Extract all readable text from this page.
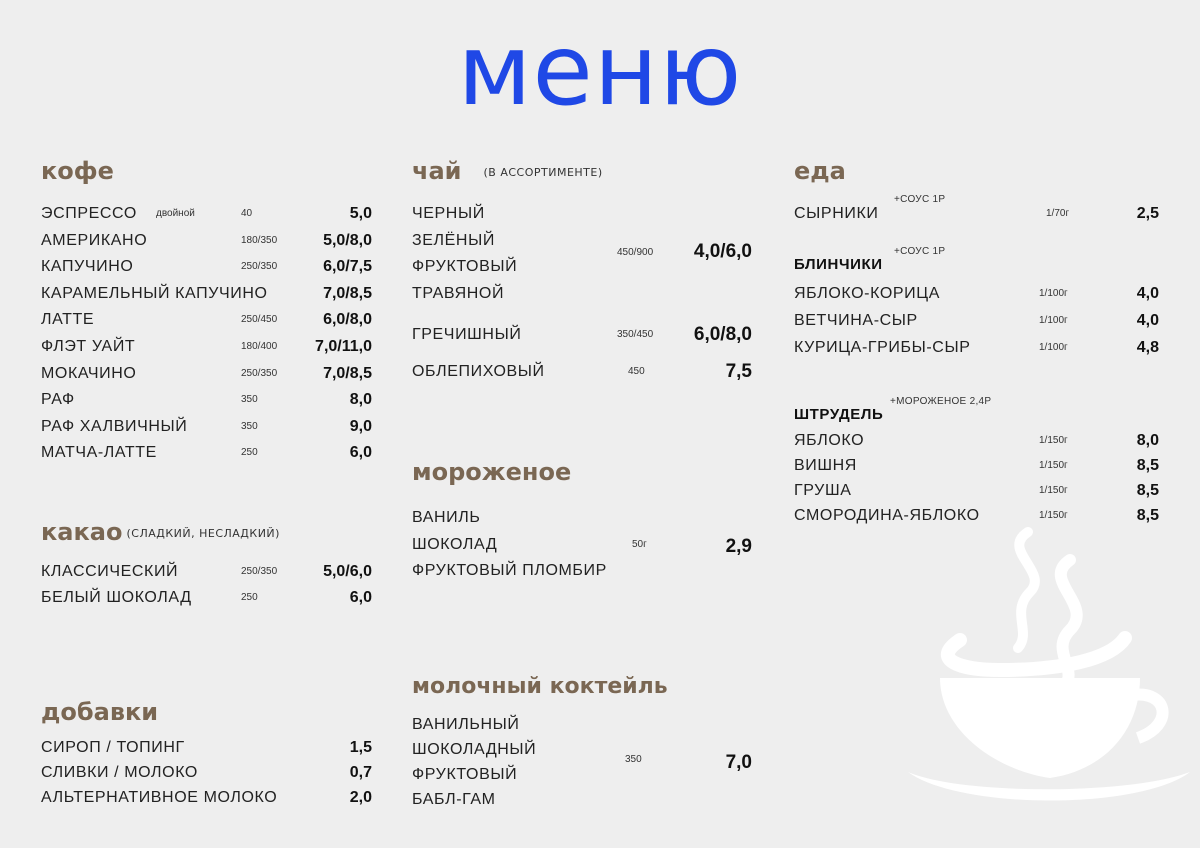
меню
кофе
ЭСПРЕССО двойной	40	5,0
АМЕРИКАНО	180/350	5,0/8,0
КАПУЧИНО	250/350	6,0/7,5
КАРАМЕЛЬНЫЙ КАПУЧИНО	7,0/8,5
ЛАТТЕ	250/450	6,0/8,0
ФЛЭТ УАЙТ	180/400 7,0/11,0
МОКАЧИНО	250/350	7,0/8,5
РАФ	350	8,0
РАФ ХАЛВИЧНЫЙ	350	9,0
МАТЧА-ЛАТТЕ	250	6,0
какао (СЛАДКИЙ, НЕСЛАДКИЙ)
КЛАССИЧЕСКИЙ	250/350	5,0/6,0
БЕЛЫЙ ШОКОЛАД	250	6,0
добавки
СИРОП / ТОПИНГ	1,5
СЛИВКИ / МОЛОКО	0,7
АЛЬТЕРНАТИВНОЕ МОЛОКО	2,0
чай (В АССОРТИМЕНТЕ)
ЧЕРНЫЙ
ЗЕЛЁНЫЙ
ФРУКТОВЫЙ
ТРАВЯНОЙ
450/900 4,0/6,0
ГРЕЧИШНЫЙ	350/450 6,0/8,0
ОБЛЕПИХОВЫЙ	450	7,5
мороженое
ВАНИЛЬ
ШОКОЛАД
ФРУКТОВЫЙ ПЛОМБИР
50г	2,9
молочный коктейль
ВАНИЛЬНЫЙ
ШОКОЛАДНЫЙ
ФРУКТОВЫЙ
БАБЛ-ГАМ
350	7,0
еда
+СОУС 1Р
СЫРНИКИ	1/70г	2,5
БЛИНЧИКИ
+СОУС 1Р
ЯБЛОКО-КОРИЦА	1/100г	4,0
ВЕТЧИНА-СЫР	1/100г	4,0
КУРИЦА-ГРИБЫ-СЫР	1/100г	4,8
ШТРУДЕЛЬ
+МОРОЖЕНОЕ 2,4Р
ЯБЛОКО	1/150г	8,0
ВИШНЯ	1/150г	8,5
ГРУША	1/150г	8,5
СМОРОДИНА-ЯБЛОКО	1/150г	8,5
